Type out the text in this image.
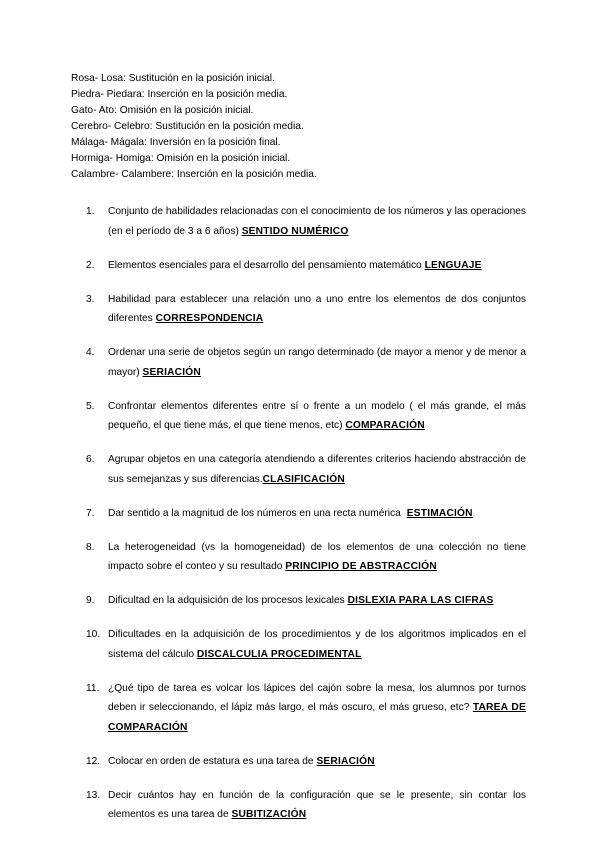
Rosa- Losa: Sustitución en la posición inicial.
Piedra- Piedara: Inserción en la posición media.
Gato- Ato: Omisión en la posición inicial.
Cerebro- Celebro: Sustitución en la posición media.
Málaga- Mágala: Inversión en la posición final.
Hormiga- Homiga: Omisión en la posición inicial.
Calambre- Calambere: Inserción en la posición media.
1. Conjunto de habilidades relacionadas con el conocimiento de los números y las operaciones (en el período de 3 a 6 años) SENTIDO NUMÉRICO
2. Elementos esenciales para el desarrollo del pensamiento matemático LENGUAJE
3. Habilidad para establecer una relación uno a uno entre los elementos de dos conjuntos diferentes CORRESPONDENCIA
4. Ordenar una serie de objetos según un rango determinado (de mayor a menor y de menor a mayor) SERIACIÓN
5. Confrontar elementos diferentes entre sí o frente a un modelo ( el más grande, el más pequeño, el que tiene más, el que tiene menos, etc) COMPARACIÓN
6. Agrupar objetos en una categoría atendiendo a diferentes criterios haciendo abstracción de sus semejanzas y sus diferencias.CLASIFICACIÓN
7. Dar sentido a la magnitud de los números en una recta numérica ESTIMACIÓN
8. La heterogeneidad (vs la homogeneidad) de los elementos de una colección no tiene impacto sobre el conteo y su resultado PRINCIPIO DE ABSTRACCIÓN
9. Dificultad en la adquisición de los procesos lexicales DISLEXIA PARA LAS CIFRAS
10. Dificultades en la adquisición de los procedimientos y de los algoritmos implicados en el sistema del cálculo DISCALCULIA PROCEDIMENTAL
11. ¿Qué tipo de tarea es volcar los lápices del cajón sobre la mesa, los alumnos por turnos deben ir seleccionando, el lápiz más largo, el más oscuro, el más grueso, etc? TAREA DE COMPARACIÓN
12. Colocar en orden de estatura es una tarea de SERIACIÓN
13. Decir cuántos hay en función de la configuración que se le presente, sin contar los elementos es una tarea de SUBITIZACIÓN
